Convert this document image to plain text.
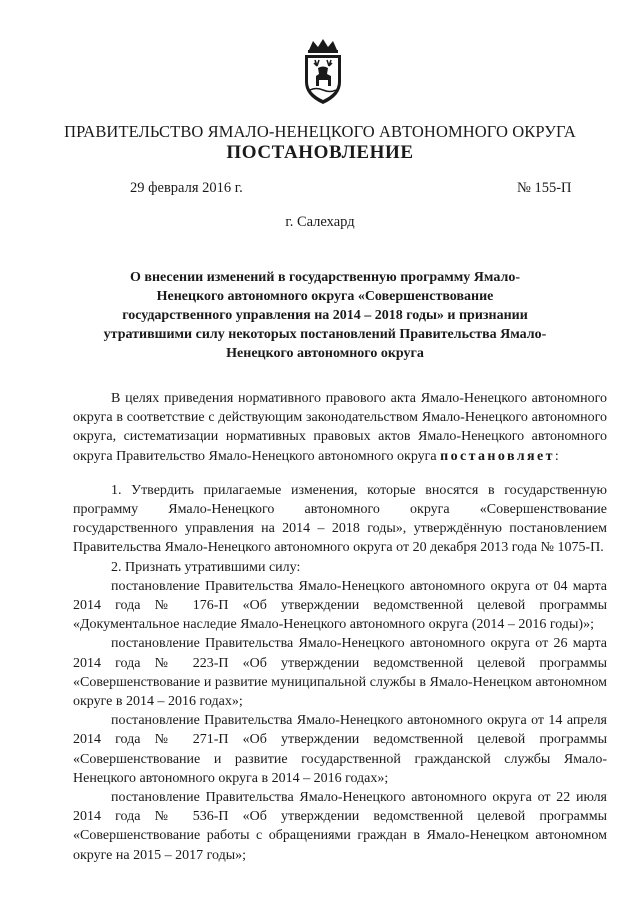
ПРАВИТЕЛЬСТВО ЯМАЛО-НЕНЕЦКОГО АВТОНОМНОГО ОКРУГА
ПОСТАНОВЛЕНИЕ
29 февраля 2016 г.	№ 155-П
г. Салехард
О внесении изменений в государственную программу Ямало-Ненецкого автономного округа «Совершенствование государственного управления на 2014 – 2018 годы» и признании утратившими силу некоторых постановлений Правительства Ямало-Ненецкого автономного округа

В целях приведения нормативного правового акта Ямало-Ненецкого автономного округа в соответствие с действующим законодательством Ямало-Ненецкого автономного округа, систематизации нормативных правовых актов Ямало-Ненецкого автономного округа Правительство Ямало-Ненецкого автономного округа постановляет:

1. Утвердить прилагаемые изменения, которые вносятся в государственную программу Ямало-Ненецкого автономного округа «Совершенствование государственного управления на 2014 – 2018 годы», утверждённую постановлением Правительства Ямало-Ненецкого автономного округа от 20 декабря 2013 года № 1075-П.

2. Признать утратившими силу:

постановление Правительства Ямало-Ненецкого автономного округа от 04 марта 2014 года № 176-П «Об утверждении ведомственной целевой программы «Документальное наследие Ямало-Ненецкого автономного округа (2014 – 2016 годы)»;

постановление Правительства Ямало-Ненецкого автономного округа от 26 марта 2014 года № 223-П «Об утверждении ведомственной целевой программы «Совершенствование и развитие муниципальной службы в Ямало-Ненецком автономном округе в 2014 – 2016 годах»;

постановление Правительства Ямало-Ненецкого автономного округа от 14 апреля 2014 года № 271-П «Об утверждении ведомственной целевой программы «Совершенствование и развитие государственной гражданской службы Ямало-Ненецкого автономного округа в 2014 – 2016 годах»;

постановление Правительства Ямало-Ненецкого автономного округа от 22 июля 2014 года № 536-П «Об утверждении ведомственной целевой программы «Совершенствование работы с обращениями граждан в Ямало-Ненецком автономном округе на 2015 – 2017 годы»;
